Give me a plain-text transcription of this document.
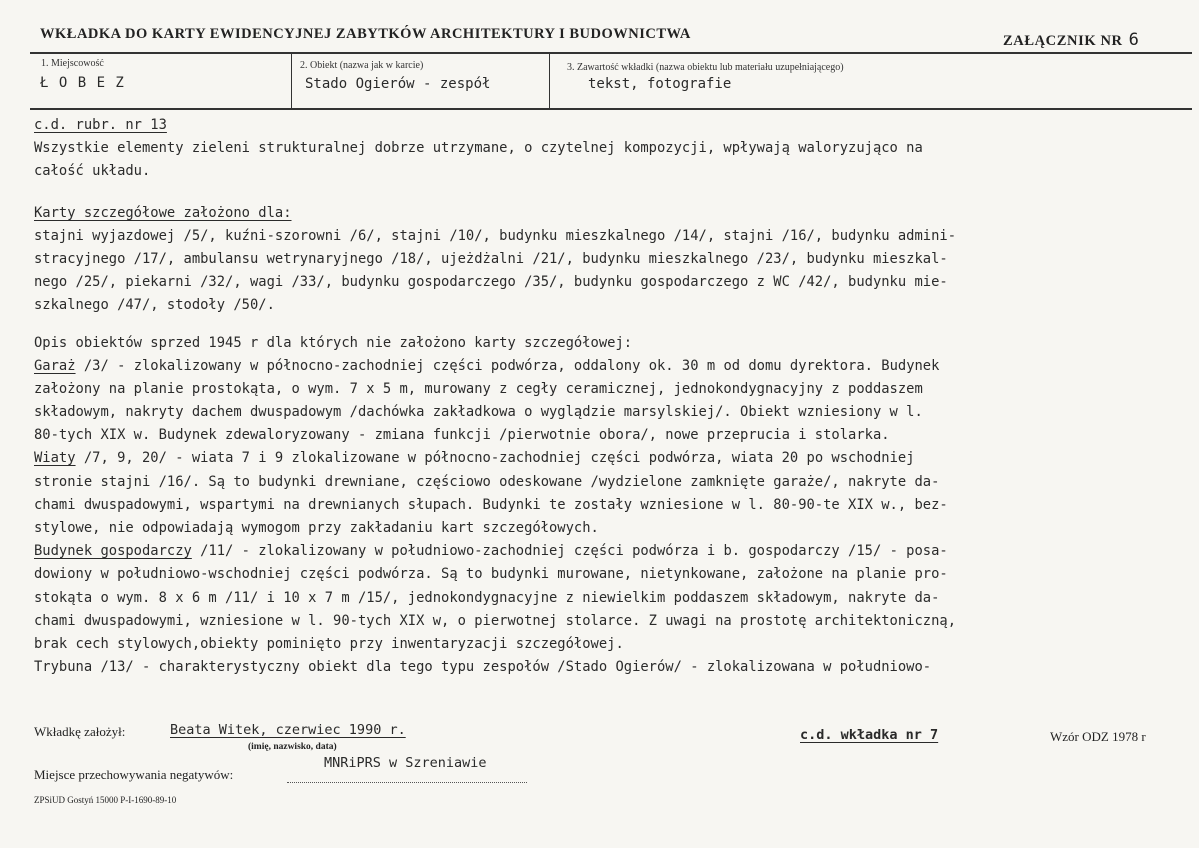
WKŁADKA DO KARTY EWIDENCYJNEJ ZABYTKÓW ARCHITEKTURY I BUDOWNICTWA	ZAŁĄCZNIK NR 6
1. Miejscowość
Ł O B E Z
2. Obiekt (nazwa jak w karcie)
Stado Ogierów - zespół
3. Zawartość wkładki (nazwa obiektu lub materiału uzupełniającego)
tekst, fotografie
c.d. rubr. nr 13
Wszystkie elementy zieleni strukturalnej dobrze utrzymane, o czytelnej kompozycji, wpływają waloryzująco na
całość układu.
Karty szczegółowe założono dla:
stajni wyjazdowej /5/, kuźni-szorowni /6/, stajni /10/, budynku mieszkalnego /14/, stajni /16/, budynku admini-
stracyjnego /17/, ambulansu wetrynaryjnego /18/, ujeżdżalni /21/, budynku mieszkalnego /23/, budynku mieszkal-
nego /25/, piekarni /32/, wagi /33/, budynku gospodarczego /35/, budynku gospodarczego z WC /42/, budynku mie-
szkalnego /47/, stodoły /50/.
Opis obiektów sprzed 1945 r dla których nie założono karty szczegółowej:
Garaż /3/ - zlokalizowany w północno-zachodniej części podwórza, oddalony ok. 30 m od domu dyrektora. Budynek
założony na planie prostokąta, o wym. 7 x 5 m, murowany z cegły ceramicznej, jednokondygnacyjny z poddaszem
składowym, nakryty dachem dwuspadowym /dachówka zakładkowa o wyglądzie marsylskiej/. Obiekt wzniesiony w l.
80-tych XIX w. Budynek zdewaloryzowany - zmiana funkcji /pierwotnie obora/, nowe przeprucia i stolarka.
Wiaty /7, 9, 20/ - wiata 7 i 9 zlokalizowane w północno-zachodniej części podwórza, wiata 20 po wschodniej
stronie stajni /16/. Są to budynki drewniane, częściowo odeskowane /wydzielone zamknięte garaże/, nakryte da-
chami dwuspadowymi, wspartymi na drewnianych słupach. Budynki te zostały wzniesione w l. 80-90-te XIX w., bez-
stylowe, nie odpowiadają wymogom przy zakładaniu kart szczegółowych.
Budynek gospodarczy /11/ - zlokalizowany w południowo-zachodniej części podwórza i b. gospodarczy /15/ - posa-
dowiony w południowo-wschodniej części podwórza. Są to budynki murowane, nietynkowane, założone na planie pro-
stokąta o wym. 8 x 6 m /11/ i 10 x 7 m /15/, jednokondygnacyjne z niewielkim poddaszem składowym, nakryte da-
chami dwuspadowymi, wzniesione w l. 90-tych XIX w, o pierwotnej stolarce. Z uwagi na prostotę architektoniczną,
brak cech stylowych,obiekty pominięto przy inwentaryzacji szczegółowej.
Trybuna /13/ - charakterystyczny obiekt dla tego typu zespołów /Stado Ogierów/ - zlokalizowana w południowo-
Wkładkę założył:	Beata Witek, czerwiec 1990 r.
(imię, nazwisko, data)
c.d. wkładka nr 7	Wzór ODZ 1978 r
Miejsce przechowywania negatywów:
MNRiPRS w Szreniawie
ZPSiUD Gostyń 15000 P-I-1690-89-10
